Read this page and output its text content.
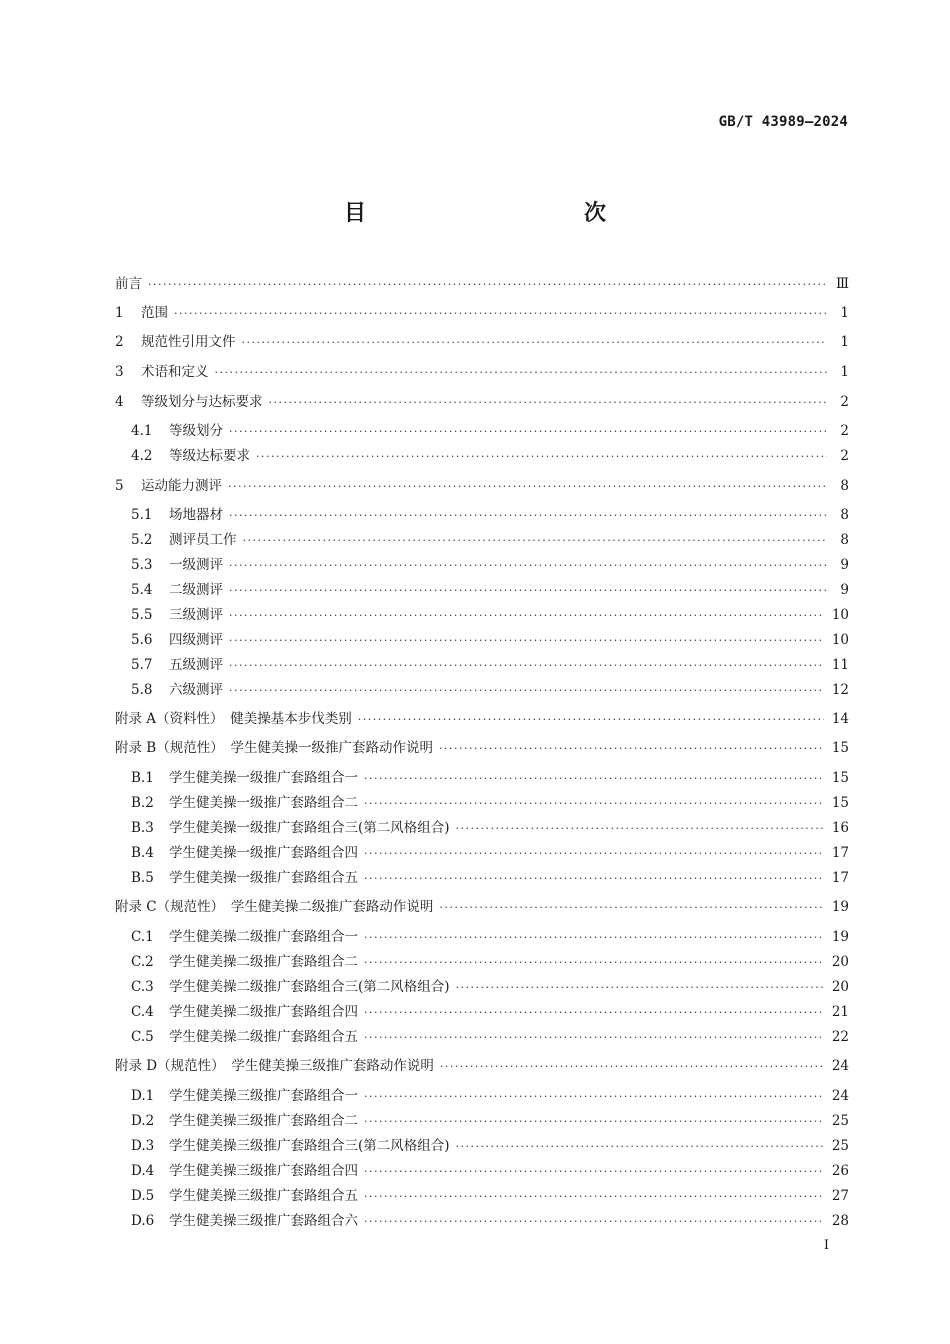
GB/T 43989—2024
目　　次
前言 ·····	Ⅲ
1	范围 ·····	1
2	规范性引用文件 ·····	1
3	术语和定义 ·····	1
4	等级划分与达标要求 ·····	2
4.1	等级划分 ·····	2
4.2	等级达标要求 ·····	2
5	运动能力测评 ·····	8
5.1	场地器材 ·····	8
5.2	测评员工作 ·····	8
5.3	一级测评 ·····	9
5.4	二级测评 ·····	9
5.5	三级测评 ·····	10
5.6	四级测评 ·····	10
5.7	五级测评 ·····	11
5.8	六级测评 ·····	12
附录 A（资料性）　健美操基本步伐类别 ·····	14
附录 B（规范性）　学生健美操一级推广套路动作说明 ·····	15
B.1	学生健美操一级推广套路组合一 ·····	15
B.2	学生健美操一级推广套路组合二 ·····	15
B.3	学生健美操一级推广套路组合三(第二风格组合) ·····	16
B.4	学生健美操一级推广套路组合四 ·····	17
B.5	学生健美操一级推广套路组合五 ·····	17
附录 C（规范性）　学生健美操二级推广套路动作说明 ·····	19
C.1	学生健美操二级推广套路组合一 ·····	19
C.2	学生健美操二级推广套路组合二 ·····	20
C.3	学生健美操二级推广套路组合三(第二风格组合) ·····	20
C.4	学生健美操二级推广套路组合四 ·····	21
C.5	学生健美操二级推广套路组合五 ·····	22
附录 D（规范性）　学生健美操三级推广套路动作说明 ·····	24
D.1	学生健美操三级推广套路组合一 ·····	24
D.2	学生健美操三级推广套路组合二 ·····	25
D.3	学生健美操三级推广套路组合三(第二风格组合) ·····	25
D.4	学生健美操三级推广套路组合四 ·····	26
D.5	学生健美操三级推广套路组合五 ·····	27
D.6	学生健美操三级推广套路组合六 ·····	28
I
